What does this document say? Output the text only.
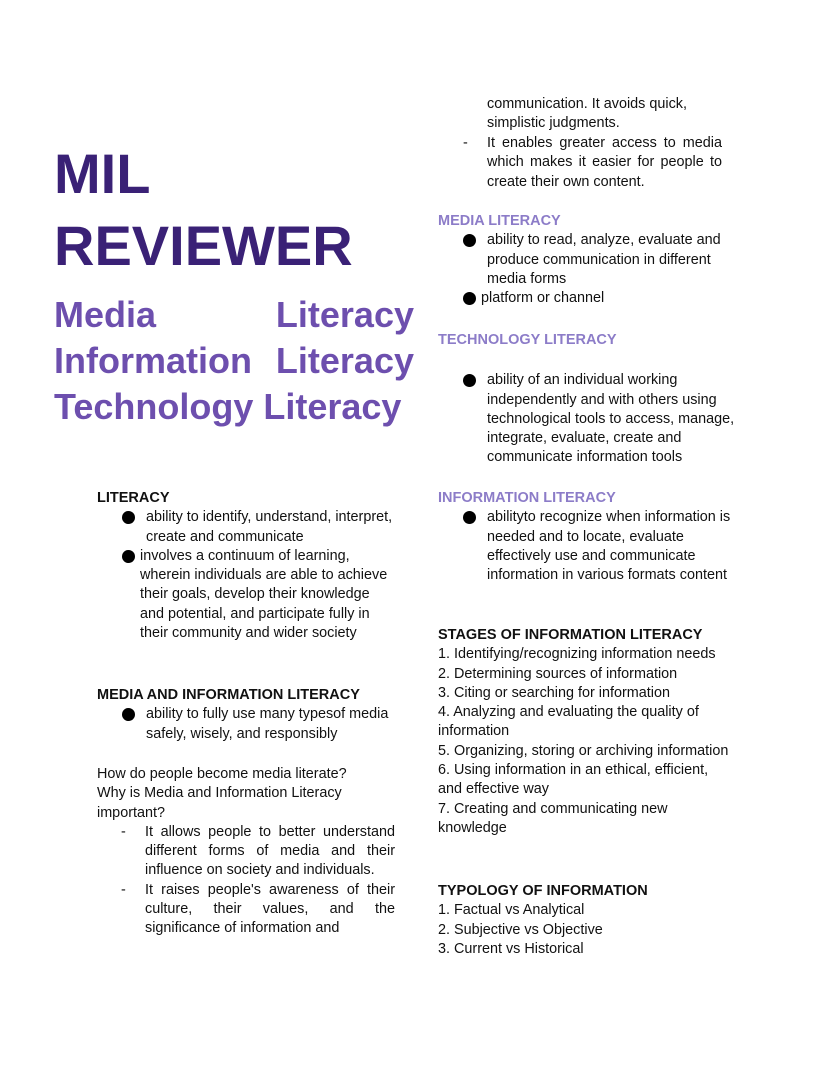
MIL
REVIEWER
Media	Literacy
Information Literacy
Technology Literacy
LITERACY
ability to identify, understand, interpret, create and communicate
involves a continuum of learning, wherein individuals are able to achieve their goals, develop their knowledge and potential, and participate fully in their community and wider society
MEDIA AND INFORMATION LITERACY
ability to fully use many typesof media safely, wisely, and responsibly
How do people become media literate?
Why is Media and Information Literacy important?
- It allows people to better understand different forms of media and their influence on society and individuals.
- It raises people's awareness of their culture, their values, and the significance of information and
communication. It avoids quick, simplistic judgments.
- It enables greater access to media which makes it easier for people to create their own content.
MEDIA LITERACY
ability to read, analyze, evaluate and produce communication in different media forms
platform or channel
TECHNOLOGY LITERACY
ability of an individual working independently and with others using technological tools to access, manage, integrate, evaluate, create and communicate information tools
INFORMATION LITERACY
abilityto recognize when information is needed and to locate, evaluate effectively use and communicate information in various formats content
STAGES OF INFORMATION LITERACY
1. Identifying/recognizing information needs
2. Determining sources of information
3. Citing or searching for information
4. Analyzing and evaluating the quality of information
5. Organizing, storing or archiving information
6. Using information in an ethical, efficient, and effective way
7. Creating and communicating new knowledge
TYPOLOGY OF INFORMATION
1. Factual vs Analytical
2. Subjective vs Objective
3. Current vs Historical
